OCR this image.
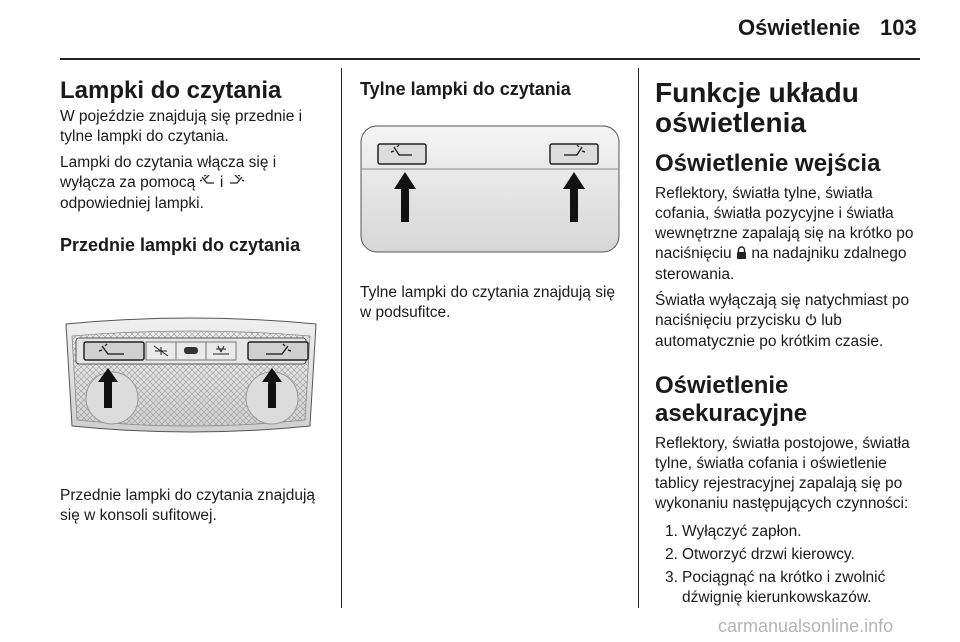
Oświetlenie 103
Lampki do czytania

W pojeździe znajdują się przednie i tylne lampki do czytania.

Lampki do czytania włącza się i wyłącza za pomocą i  odpowiedniej lampki.

Przednie lampki do czytania

Przednie lampki do czytania znajdują się w konsoli sufitowej.

Tylne lampki do czytania

Tylne lampki do czytania znajdują się w podsufitce.

Funkcje układu oświetlenia
Oświetlenie wejścia

Reflektory, światła tylne, światła cofania, światła pozycyjne i światła wewnętrzne zapalają się na krótko po naciśnięciu na nadajniku zdalnego sterowania.

Światła wyłączają się natychmiast po naciśnięciu przycisku lub automatycznie po krótkim czasie.

Oświetlenie asekuracyjne

Reflektory, światła postojowe, światła tylne, światła cofania i oświetlenie tablicy rejestracyjnej zapalają się po wykonaniu następujących czynności:

1. Wyłączyć zapłon.
2. Otworzyć drzwi kierowcy.
3. Pociągnąć na krótko i zwolnić dźwignię kierunkowskazów.
carmanualsonline.info
